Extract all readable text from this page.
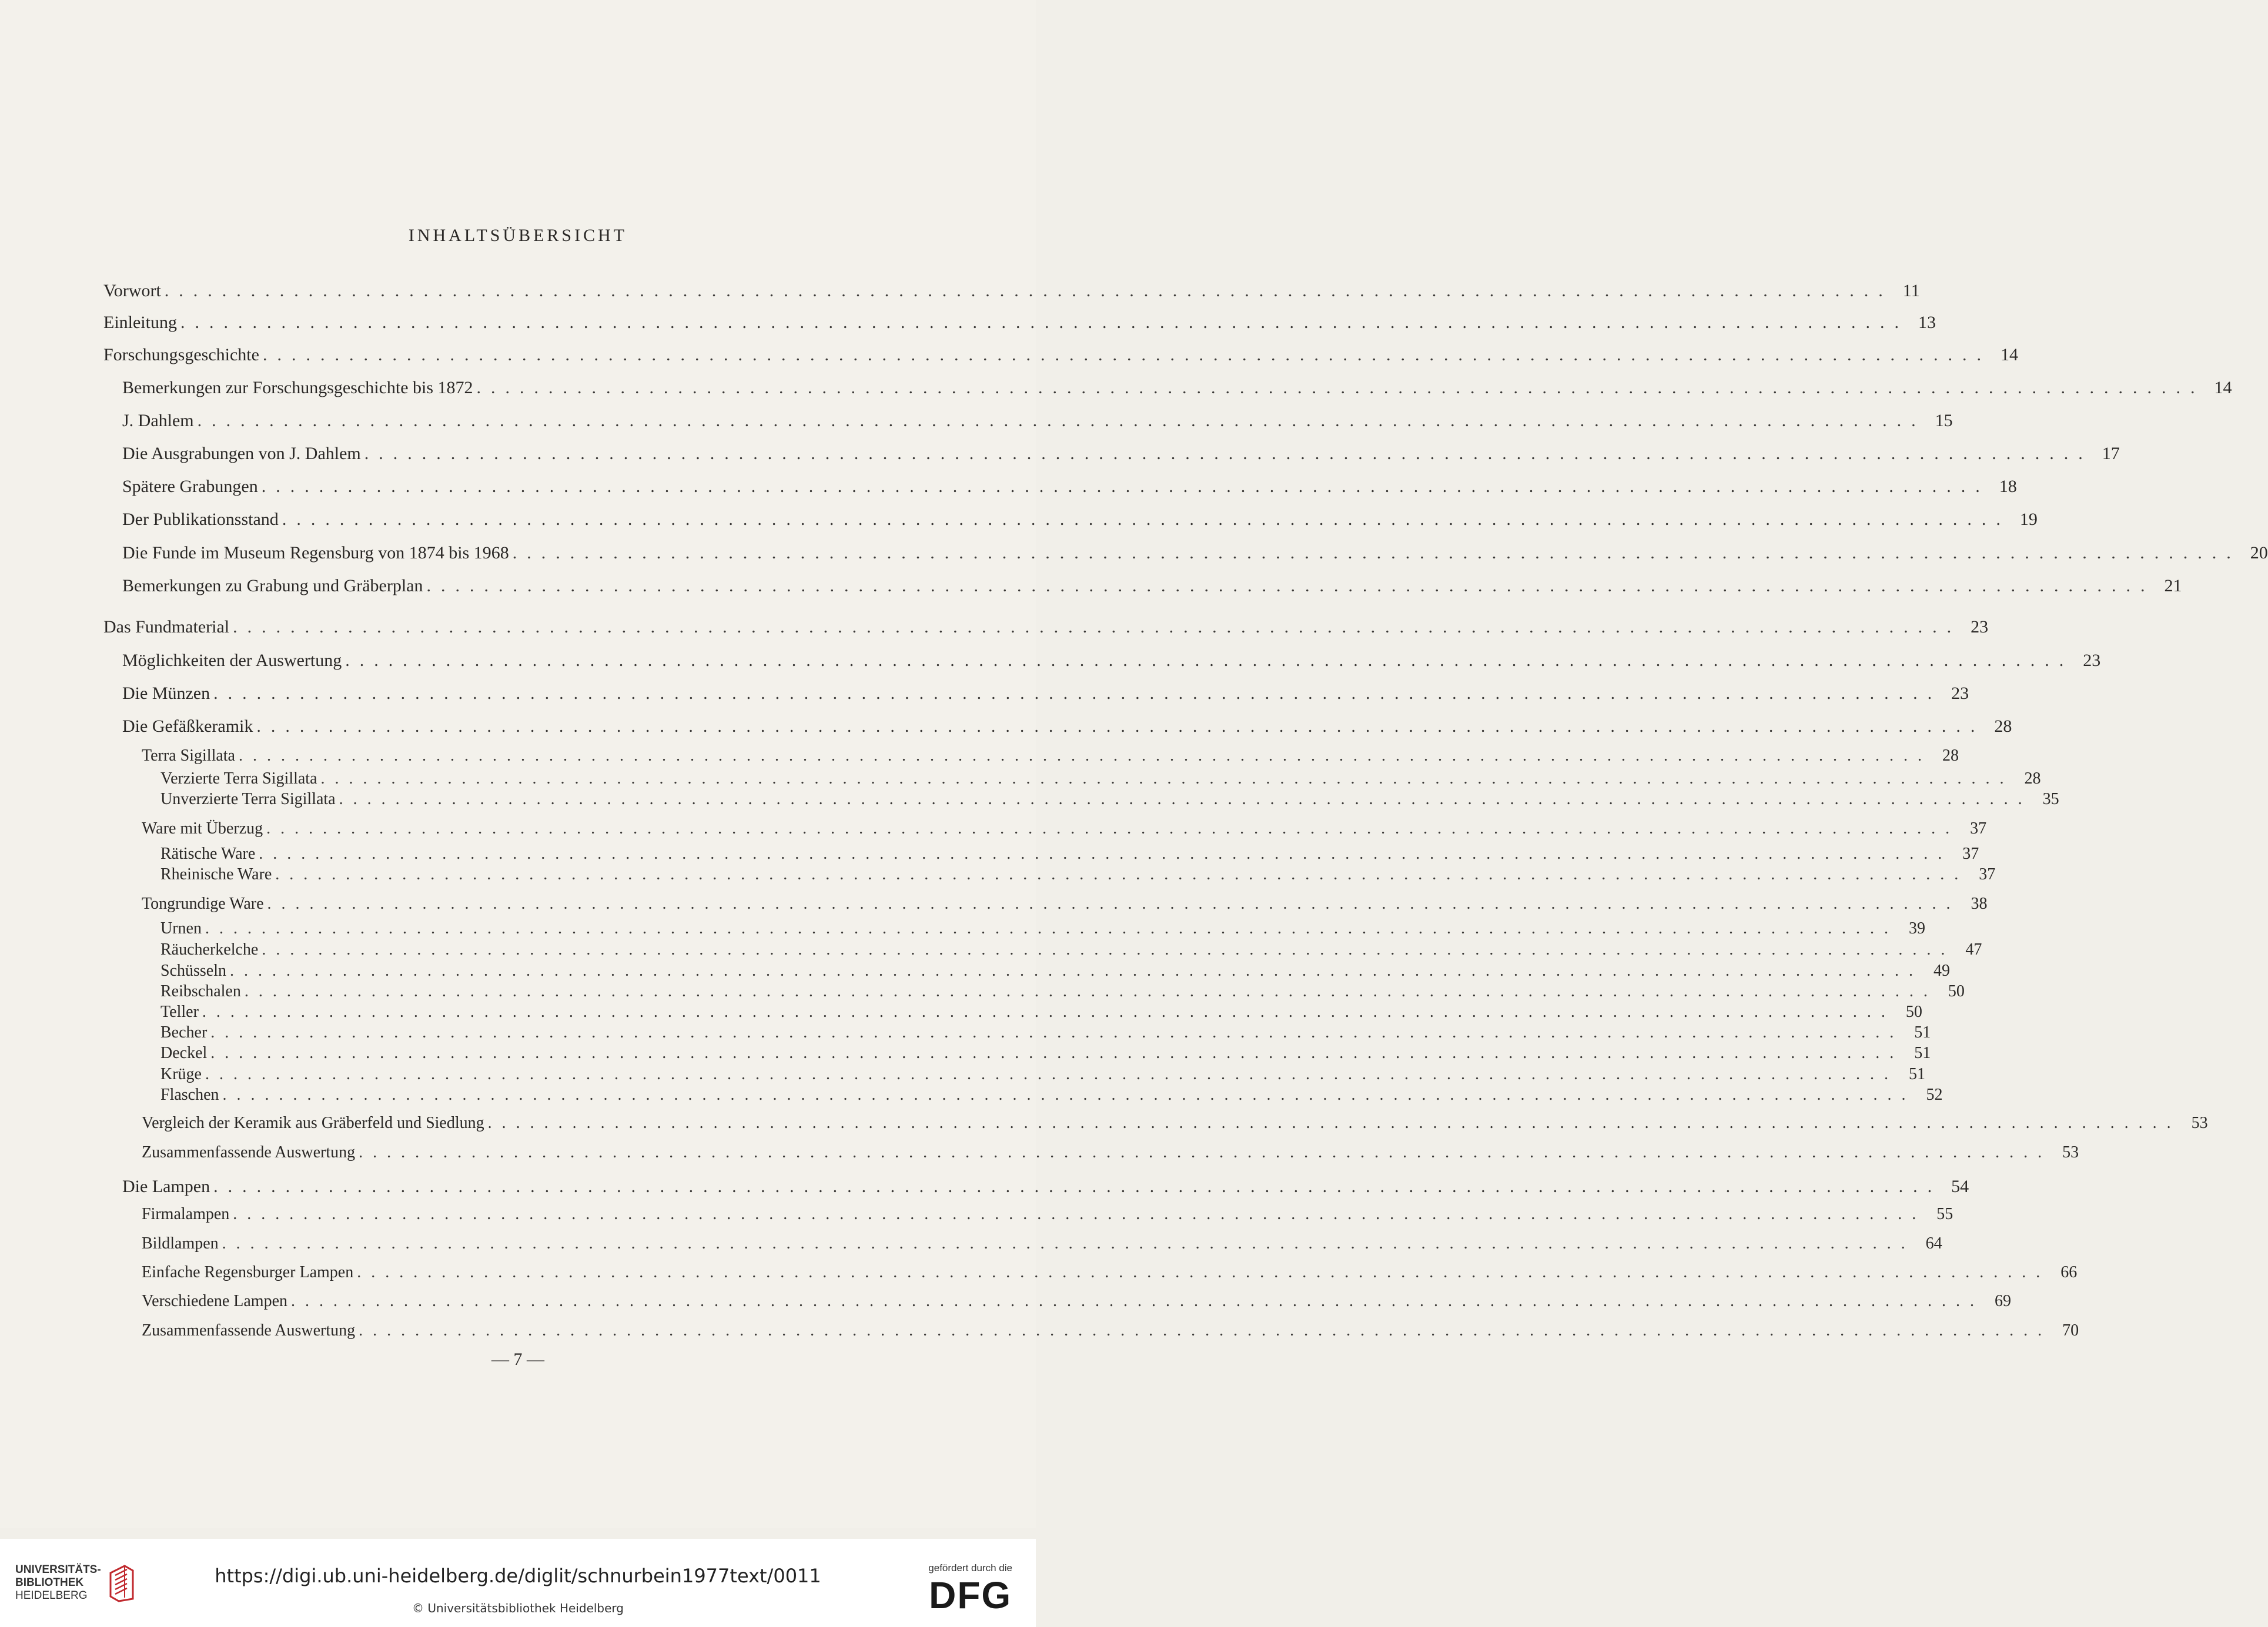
INHALTSÜBERSICHT
Vorwort ........................................................................................................................ 11
Einleitung ........................................................................................................................ 13
Forschungsgeschichte ........................................................................................................................ 14
Bemerkungen zur Forschungsgeschichte bis 1872 ........................................................................................................................ 14
J. Dahlem ........................................................................................................................ 15
Die Ausgrabungen von J. Dahlem ........................................................................................................................ 17
Spätere Grabungen ........................................................................................................................ 18
Der Publikationsstand ........................................................................................................................ 19
Die Funde im Museum Regensburg von 1874 bis 1968 ........................................................................................................................ 20
Bemerkungen zu Grabung und Gräberplan ........................................................................................................................ 21
Das Fundmaterial ........................................................................................................................ 23
Möglichkeiten der Auswertung ........................................................................................................................ 23
Die Münzen ........................................................................................................................ 23
Die Gefäßkeramik ........................................................................................................................ 28
Terra Sigillata ........................................................................................................................ 28
Verzierte Terra Sigillata ........................................................................................................................ 28
Unverzierte Terra Sigillata ........................................................................................................................ 35
Ware mit Überzug ........................................................................................................................ 37
Rätische Ware ........................................................................................................................ 37
Rheinische Ware ........................................................................................................................ 37
Tongrundige Ware ........................................................................................................................ 38
Urnen ........................................................................................................................ 39
Räucherkelche ........................................................................................................................ 47
Schüsseln ........................................................................................................................ 49
Reibschalen ........................................................................................................................ 50
Teller ........................................................................................................................ 50
Becher ........................................................................................................................ 51
Deckel ........................................................................................................................ 51
Krüge ........................................................................................................................ 51
Flaschen ........................................................................................................................ 52
Vergleich der Keramik aus Gräberfeld und Siedlung ........................................................................................................................ 53
Zusammenfassende Auswertung ........................................................................................................................ 53
Die Lampen ........................................................................................................................ 54
Firmalampen ........................................................................................................................ 55
Bildlampen ........................................................................................................................ 64
Einfache Regensburger Lampen ........................................................................................................................ 66
Verschiedene Lampen ........................................................................................................................ 69
Zusammenfassende Auswertung ........................................................................................................................ 70
— 7 —
UNIVERSITÄTS-
BIBLIOTHEK
HEIDELBERG
https://digi.ub.uni-heidelberg.de/diglit/schnurbein1977text/0011
© Universitätsbibliothek Heidelberg
gefördert durch die
DFG
